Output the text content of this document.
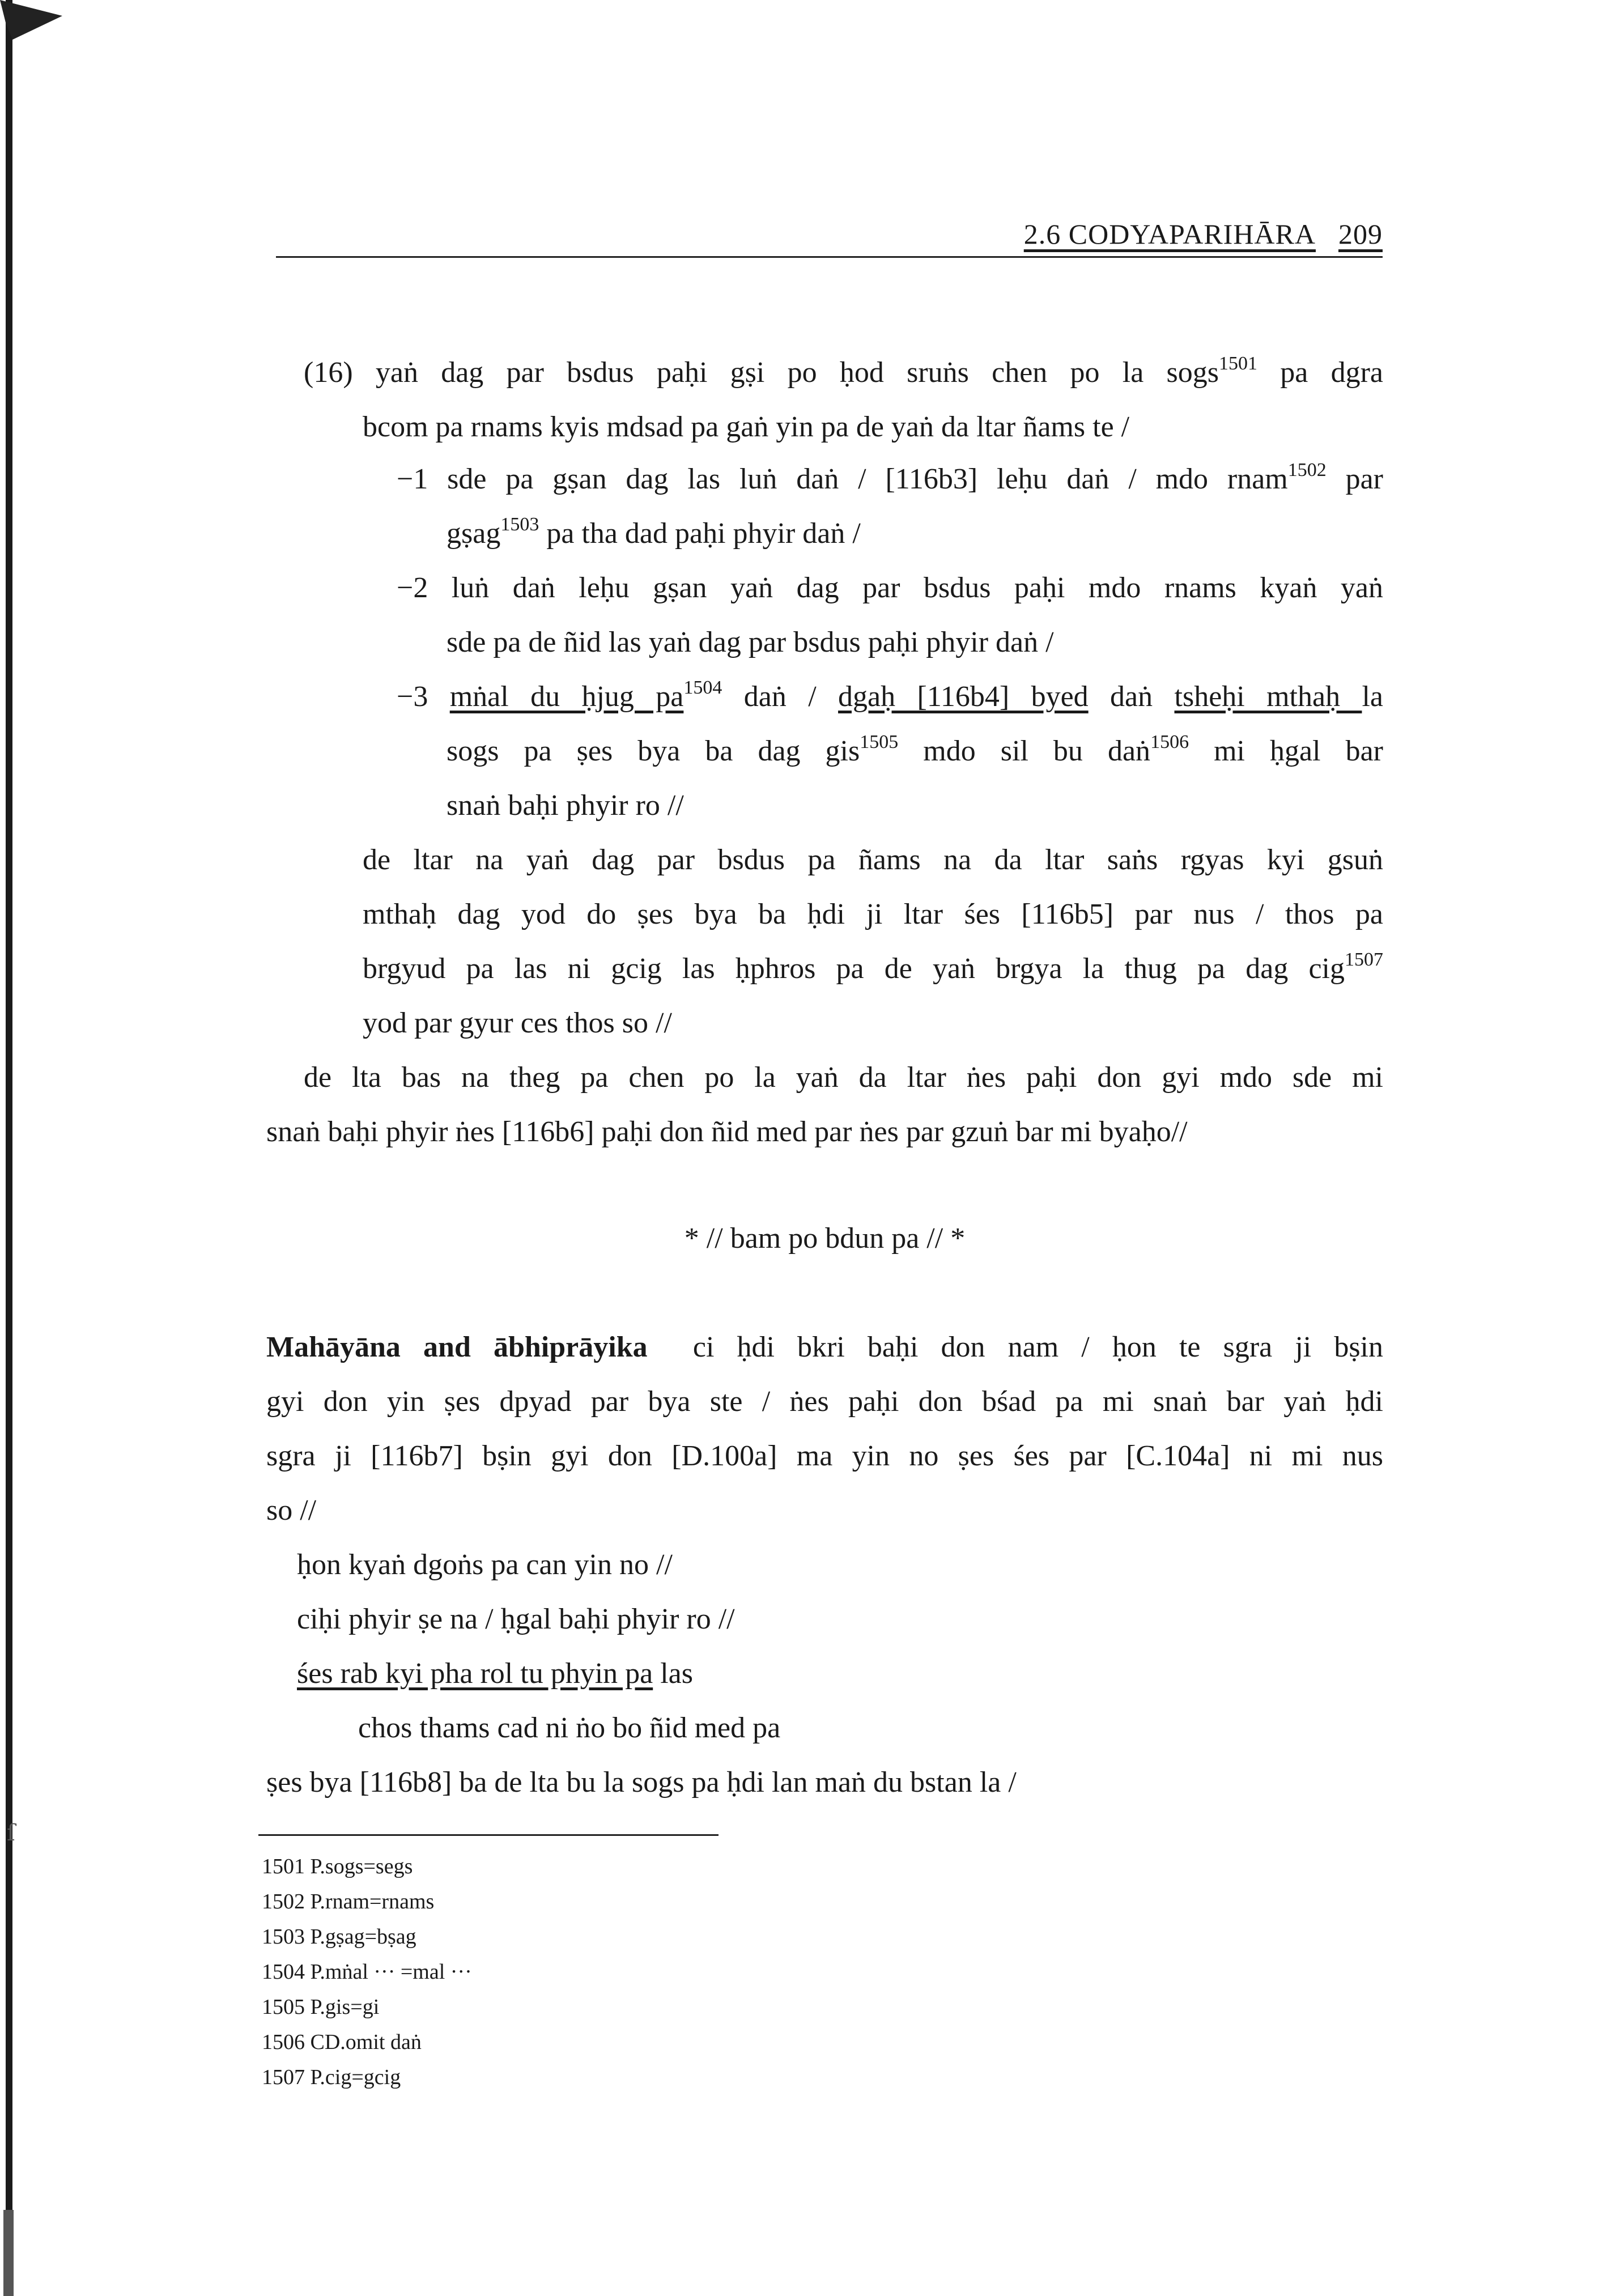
2.6 CODYAPARIHĀRA 209
(16) yaṅ dag par bsdus paḥi gṣi po ḥod sruṅs chen po la sogs$^{1501}$ pa dgra
bcom pa rnams kyis mdsad pa gaṅ yin pa de yaṅ da ltar ñams te /
−1 sde pa gṣan dag las luṅ daṅ / [116b3] leḥu daṅ / mdo rnam$^{1502}$ par
gṣag$^{1503}$ pa tha dad paḥi phyir daṅ /
−2 luṅ daṅ leḥu gṣan yaṅ dag par bsdus paḥi mdo rnams kyaṅ yaṅ
sde pa de ñid las yaṅ dag par bsdus paḥi phyir daṅ /
−3 mṅal du ḥjug $pa^{1504}$ daṅ / dgaḥ [116b4] byed daṅ tsheḥi mthaḥ la
sogs pa ṣes bya ba dag gis$^{1505}$ mdo sil bu daṅ$^{1506}$ mi ḥgal bar
snaṅ baḥi phyir ro //
de ltar na yaṅ dag par bsdus pa ñams na da ltar saṅs rgyas kyi gsuṅ
mthaḥ dag yod do ṣes bya ba ḥdi ji ltar śes [116b5] par nus / thos pa
brgyud pa las ni gcig las ḥphros pa de yaṅ brgya la thug pa dag cig$^{1507}$
yod par gyur ces thos so //
de lta bas na theg pa chen po la yaṅ da ltar ṅes paḥi don gyi mdo sde mi
snaṅ baḥi phyir ṅes [116b6] paḥi don ñid med par ṅes par gzuṅ bar mi byaḥo//
* // bam po bdun pa // *
Mahāyāna and ābhiprāyika ci ḥdi bkri baḥi don nam / ḥon te sgra ji bṣin
gyi don yin ṣes dpyad par bya ste / ṅes paḥi don bśad pa mi snaṅ bar yaṅ ḥdi
sgra ji [116b7] bṣin gyi don [D.100a] ma yin no ṣes śes par [C.104a] ni mi nus
so //
ḥon kyaṅ dgoṅs pa can yin no //
ciḥi phyir ṣe na / ḥgal baḥi phyir ro //
śes rab kyi pha rol tu phyin pa las
chos thams cad ni ṅo bo ñid med pa
ṣes bya [116b8] ba de lta bu la sogs pa ḥdi lan maṅ du bstan la /
1501 P.sogs=segs
1502 P.rnam=rnams
1503 P.gṣag=bṣag
1504 P.mṅal ··· =mal ···
1505 P.gis=gi
1506 CD.omit daṅ
1507 P.cig=gcig
ſ
